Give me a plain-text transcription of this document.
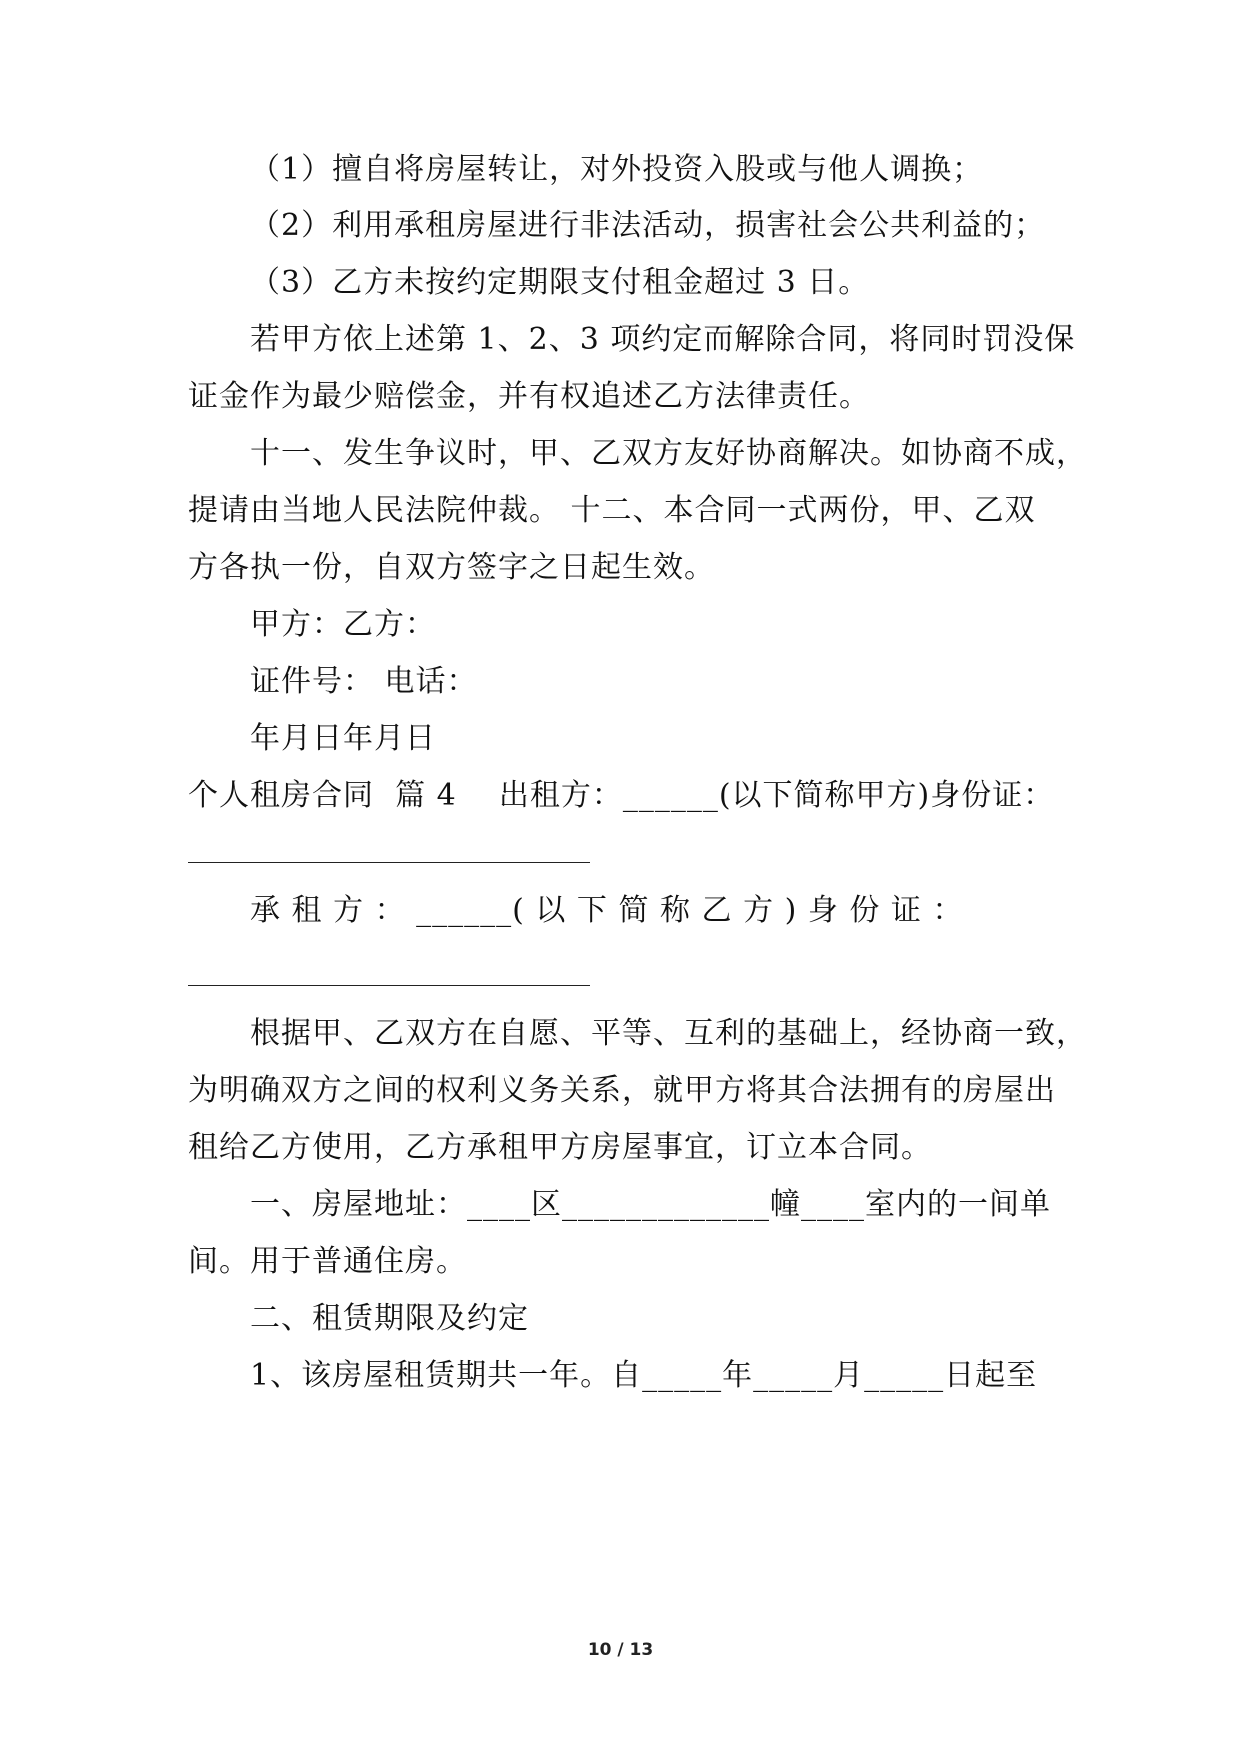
（1）擅自将房屋转让，对外投资入股或与他人调换；
（2）利用承租房屋进行非法活动，损害社会公共利益的；
（3）乙方未按约定期限支付租金超过 3 日。
若甲方依上述第 1、2、3 项约定而解除合同，将同时罚没保
证金作为最少赔偿金，并有权追述乙方法律责任。
十一、发生争议时，甲、乙双方友好协商解决。如协商不成，
提请由当地人民法院仲裁。 十二、本合同一式两份，甲、乙双
方各执一份，自双方签字之日起生效。
甲方：乙方：
证件号： 电话：
年月日年月日
个人租房合同  篇 4    出租方：______(以下简称甲方)身份证：
承 租 方 ： ______( 以 下 简 称 乙 方 ) 身 份 证 ：
根据甲、乙双方在自愿、平等、互利的基础上，经协商一致，
为明确双方之间的权利义务关系，就甲方将其合法拥有的房屋出
租给乙方使用，乙方承租甲方房屋事宜，订立本合同。
一、房屋地址：____区_____________幢____室内的一间单
间。用于普通住房。
二、租赁期限及约定
1、该房屋租赁期共一年。自_____年_____月_____日起至
10 / 13
